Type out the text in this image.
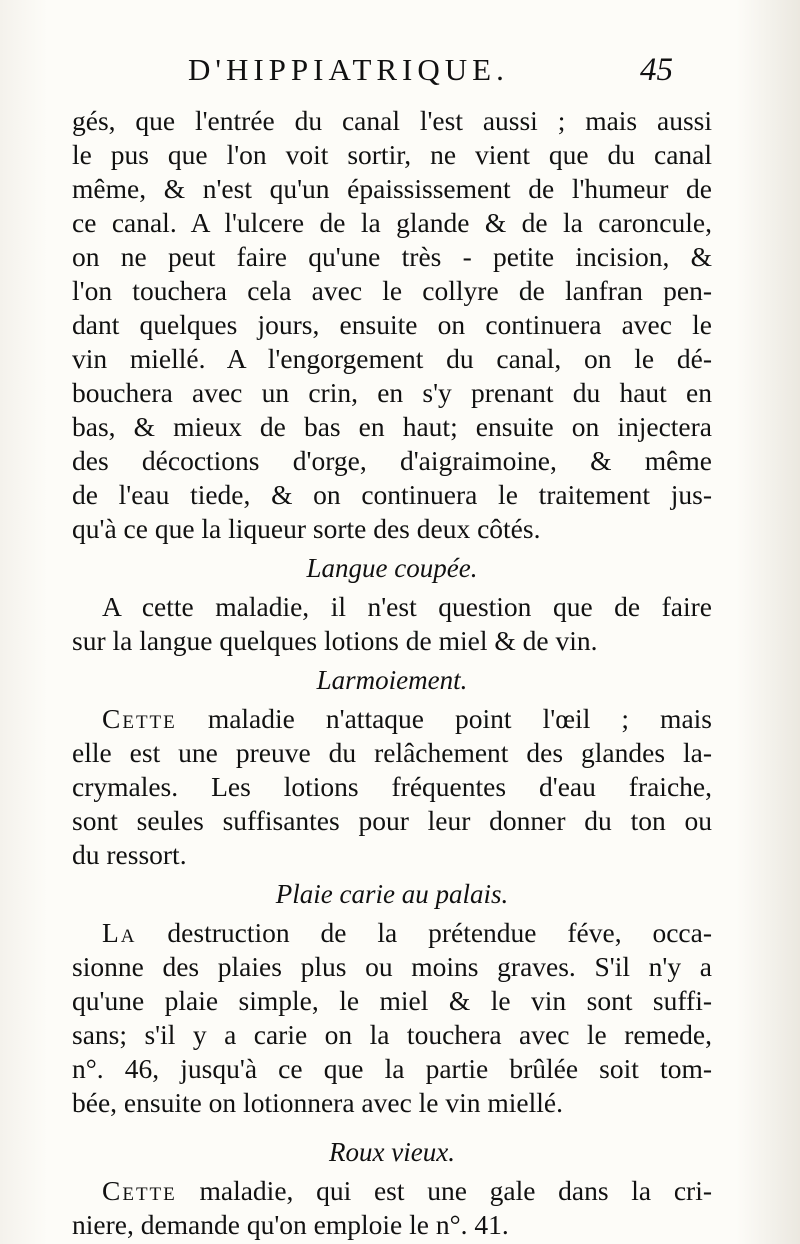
D'HIPPIATRIQUE.	45
gés, que l'entrée du canal l'est aussi ; mais aussi
le pus que l'on voit sortir, ne vient que du canal
même, & n'est qu'un épaississement de l'humeur de
ce canal. A l'ulcere de la glande & de la caroncule,
on ne peut faire qu'une très - petite incision, &
l'on touchera cela avec le collyre de lanfran pen-
dant quelques jours, ensuite on continuera avec le
vin miellé. A l'engorgement du canal, on le dé-
bouchera avec un crin, en s'y prenant du haut en
bas, & mieux de bas en haut; ensuite on injectera
des décoctions d'orge, d'aigraimoine, & même
de l'eau tiede, & on continuera le traitement jus-
qu'à ce que la liqueur sorte des deux côtés.
Langue coupée.
A cette maladie, il n'est question que de faire
sur la langue quelques lotions de miel & de vin.
Larmoiement.
Cette maladie n'attaque point l'œil ; mais
elle est une preuve du relâchement des glandes la-
crymales. Les lotions fréquentes d'eau fraiche,
sont seules suffisantes pour leur donner du ton ou
du ressort.
Plaie carie au palais.
La destruction de la prétendue féve, occa-
sionne des plaies plus ou moins graves. S'il n'y a
qu'une plaie simple, le miel & le vin sont suffi-
sans; s'il y a carie on la touchera avec le remede,
n°. 46, jusqu'à ce que la partie brûlée soit tom-
bée, ensuite on lotionnera avec le vin miellé.
Roux vieux.
Cette maladie, qui est une gale dans la cri-
niere, demande qu'on emploie le n°. 41.
